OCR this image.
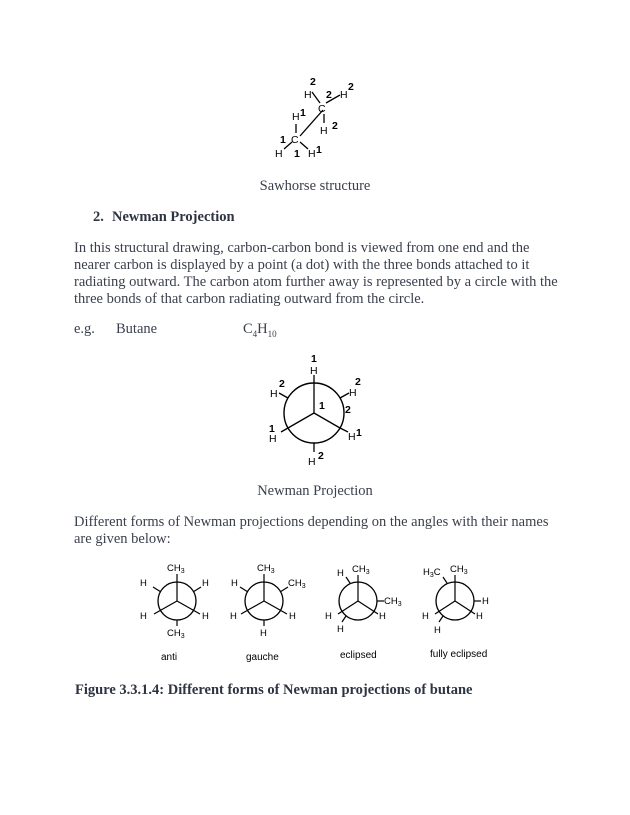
2
H
C
2 H
2
H 1
H 2
1 C
H 1 H 1
Sawhorse structure
2. Newman Projection
In this structural drawing, carbon-carbon bond is viewed from one end and the
nearer carbon is displayed by a point (a dot) with the three bonds attached to it
radiating outward. The carbon atom further away is represented by a circle with the
three bonds of that carbon radiating outward from the circle.
e.g. Butane	$C_4H_{10}$
1
H
2
H
2
H
1 2
1
H	H 1
H 2
Newman Projection
Different forms of Newman projections depending on the angles with their names
are given below:
$CH_3$
H	H
H	H
$CH_3$
anti
$CH_3$
H	$CH_3$
H	H
H
gauche
$CH_3$
H
$CH_3$
H	H
H
eclipsed
$H_3C$ $CH_3$
H
H	H
H
fully eclipsed
Figure 3.3.1.4: Different forms of Newman projections of butane
